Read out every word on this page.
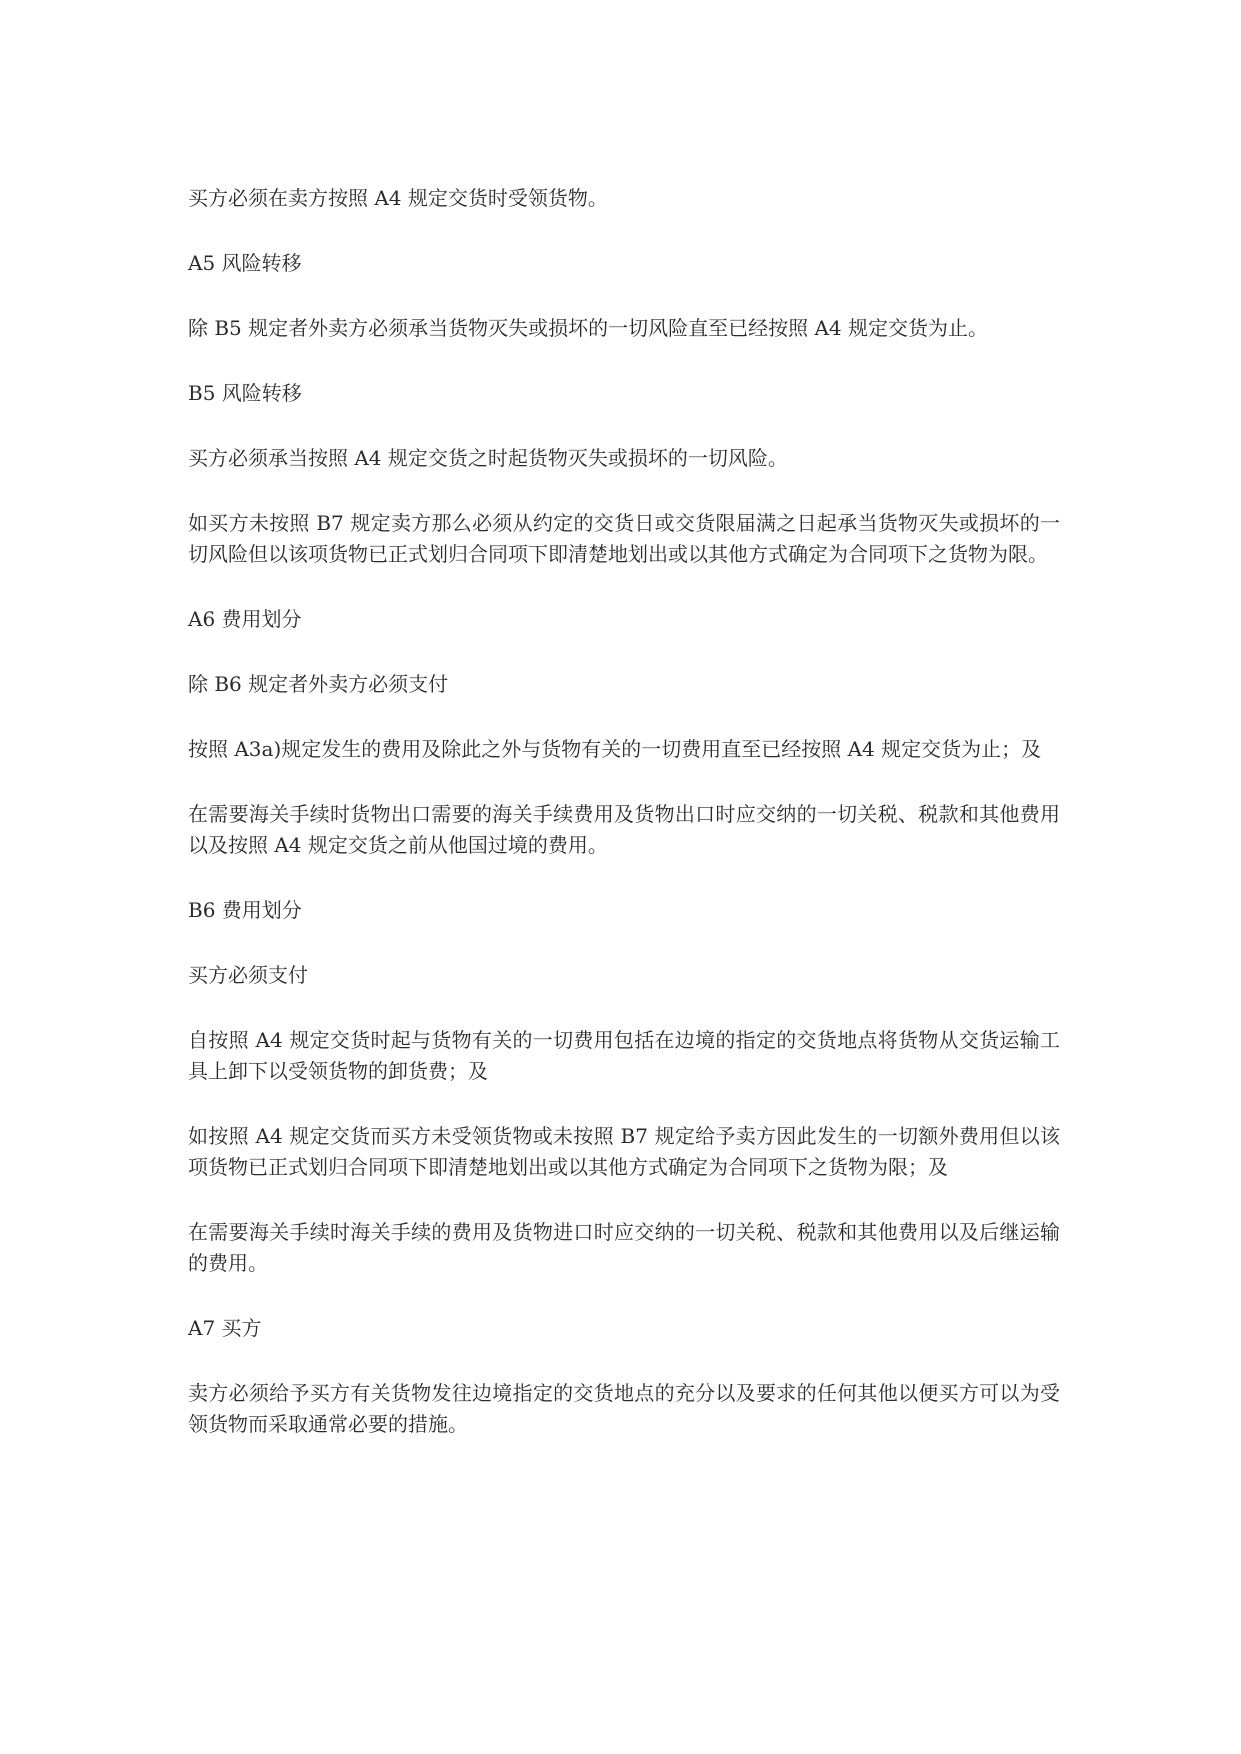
买方必须在卖方按照 A4 规定交货时受领货物。

A5 风险转移

除 B5 规定者外卖方必须承当货物灭失或损坏的一切风险直至已经按照 A4 规定交货为止。

B5 风险转移

买方必须承当按照 A4 规定交货之时起货物灭失或损坏的一切风险。

如买方未按照 B7 规定卖方那么必须从约定的交货日或交货限届满之日起承当货物灭失或损坏的一切风险但以该项货物已正式划归合同项下即清楚地划出或以其他方式确定为合同项下之货物为限。

A6 费用划分

除 B6 规定者外卖方必须支付

按照 A3a)规定发生的费用及除此之外与货物有关的一切费用直至已经按照 A4 规定交货为止；及

在需要海关手续时货物出口需要的海关手续费用及货物出口时应交纳的一切关税、税款和其他费用以及按照 A4 规定交货之前从他国过境的费用。

B6 费用划分

买方必须支付

自按照 A4 规定交货时起与货物有关的一切费用包括在边境的指定的交货地点将货物从交货运输工具上卸下以受领货物的卸货费；及

如按照 A4 规定交货而买方未受领货物或未按照 B7 规定给予卖方因此发生的一切额外费用但以该项货物已正式划归合同项下即清楚地划出或以其他方式确定为合同项下之货物为限；及

在需要海关手续时海关手续的费用及货物进口时应交纳的一切关税、税款和其他费用以及后继运输的费用。

A7 买方

卖方必须给予买方有关货物发往边境指定的交货地点的充分以及要求的任何其他以便买方可以为受领货物而采取通常必要的措施。
